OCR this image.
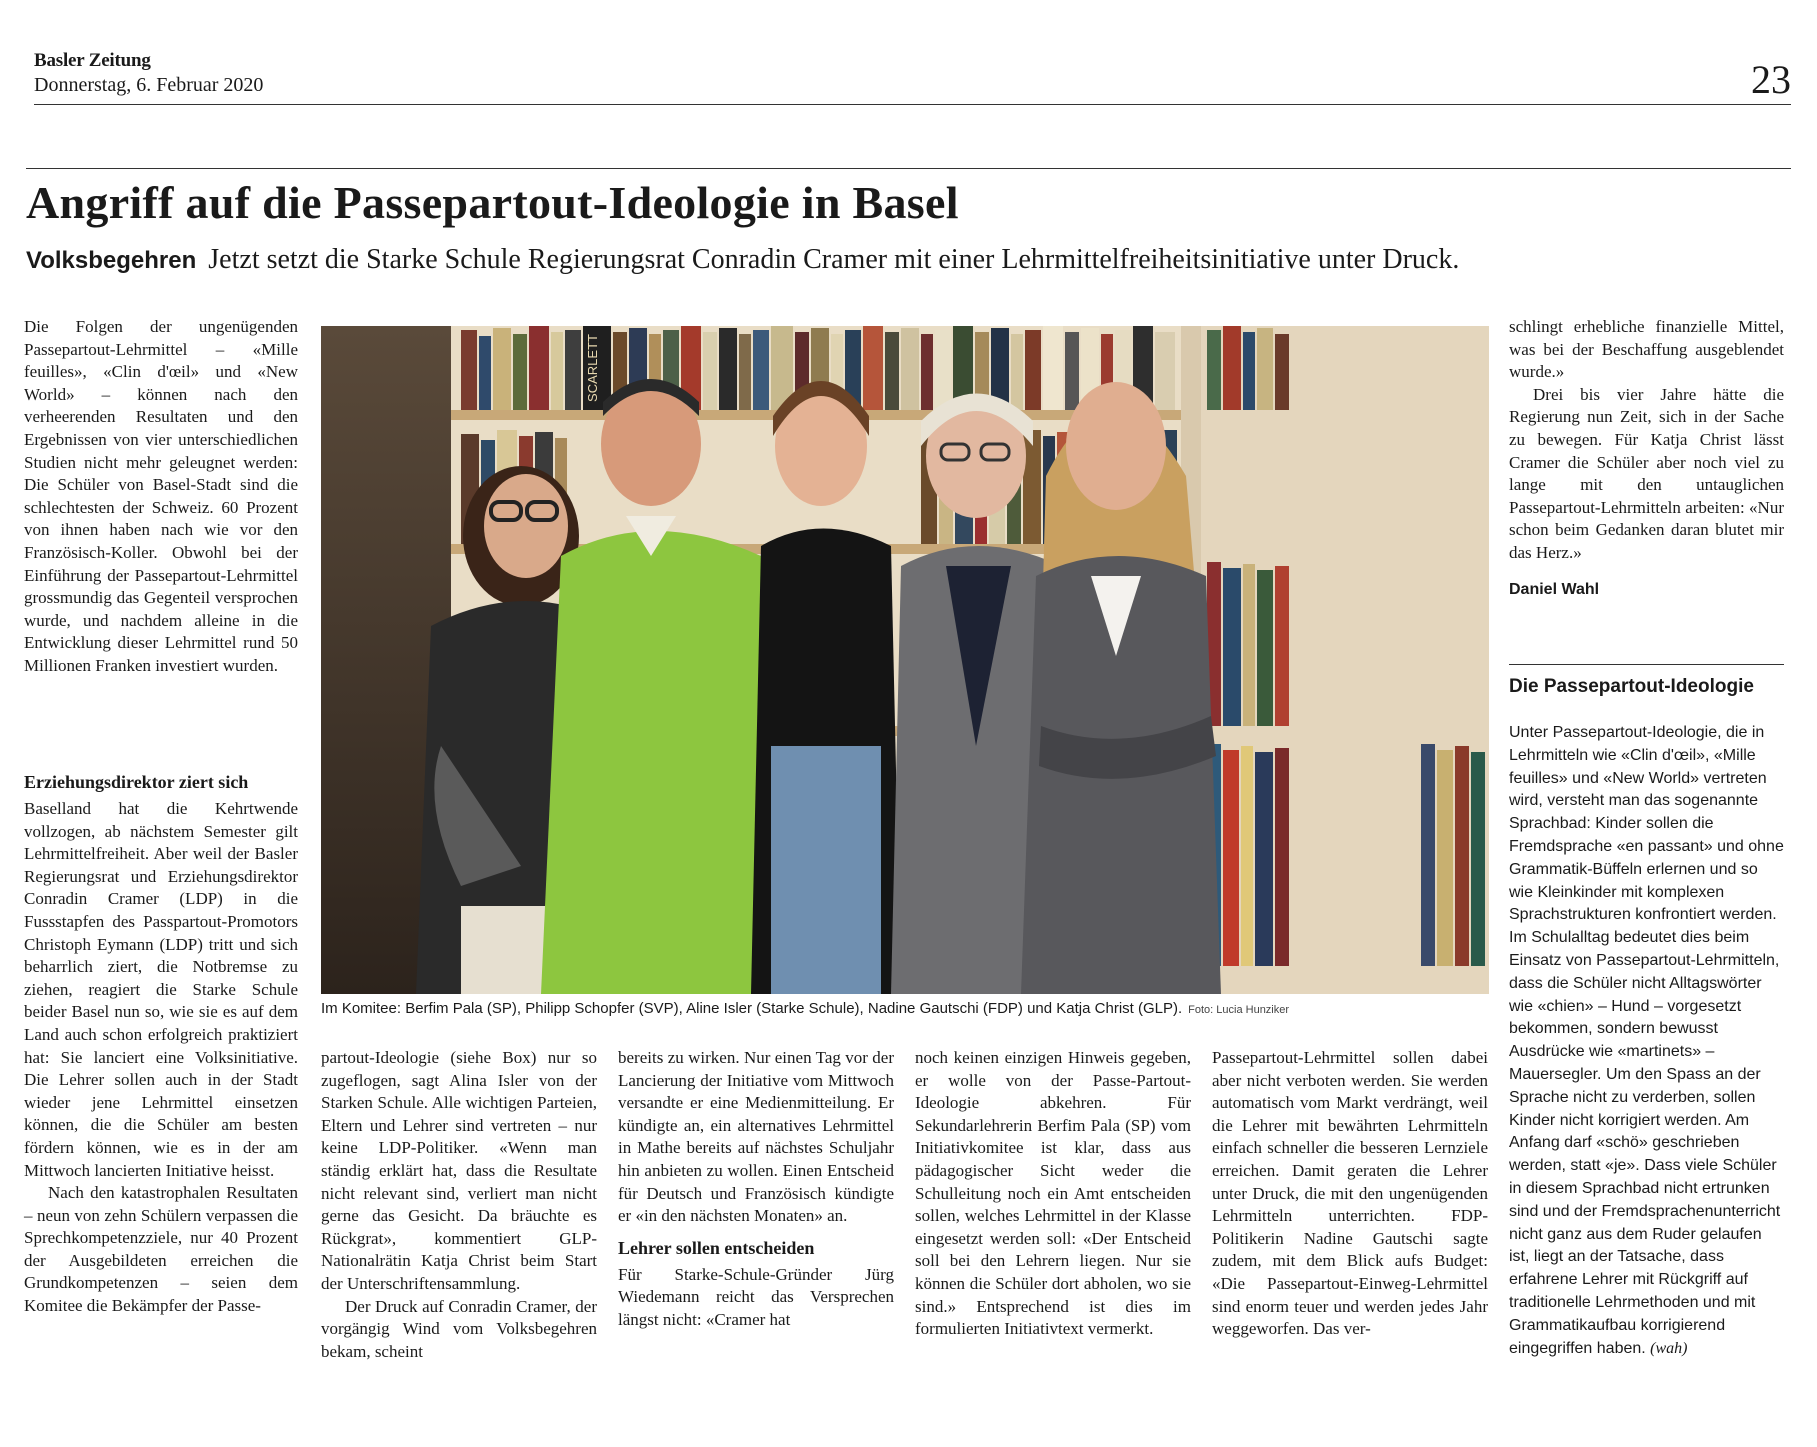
Basler Zeitung
Donnerstag, 6. Februar 2020	23
Angriff auf die Passepartout-Ideologie in Basel
Volksbegehren Jetzt setzt die Starke Schule Regierungsrat Conradin Cramer mit einer Lehrmittelfreiheitsinitiative unter Druck.

Die Folgen der ungenügenden Passepartout-Lehrmittel – «Mille feuilles», «Clin d'œil» und «New World» – können nach den verheerenden Resultaten und den Ergebnissen von vier unterschiedlichen Studien nicht mehr geleugnet werden: Die Schüler von Basel-Stadt sind die schlechtesten der Schweiz. 60 Prozent von ihnen haben nach wie vor den Französisch-Koller. Obwohl bei der Einführung der Passepartout-Lehrmittel grossmundig das Gegenteil versprochen wurde, und nachdem alleine in die Entwicklung dieser Lehrmittel rund 50 Millionen Franken investiert wurden.

Erziehungsdirektor ziert sich

Baselland hat die Kehrtwende vollzogen, ab nächstem Semester gilt Lehrmittelfreiheit. Aber weil der Basler Regierungsrat und Erziehungsdirektor Conradin Cramer (LDP) in die Fussstapfen des Passpartout-Promotors Christoph Eymann (LDP) tritt und sich beharrlich ziert, die Notbremse zu ziehen, reagiert die Starke Schule beider Basel nun so, wie sie es auf dem Land auch schon erfolgreich praktiziert hat: Sie lanciert eine Volksinitiative. Die Lehrer sollen auch in der Stadt wieder jene Lehrmittel einsetzen können, die die Schüler am besten fördern können, wie es in der am Mittwoch lancierten Initiative heisst.

Nach den katastrophalen Resultaten – neun von zehn Schülern verpassen die Sprechkompetenzziele, nur 40 Prozent der Ausgebildeten erreichen die Grundkompetenzen – seien dem Komitee die Bekämpfer der Passe-

SCARLETT
Im Komitee: Berfim Pala (SP), Philipp Schopfer (SVP), Aline Isler (Starke Schule), Nadine Gautschi (FDP) und Katja Christ (GLP). Foto: Lucia Hunziker

partout-Ideologie (siehe Box) nur so zugeflogen, sagt Alina Isler von der Starken Schule. Alle wichtigen Parteien, Eltern und Lehrer sind vertreten – nur keine LDP-Politiker. «Wenn man ständig erklärt hat, dass die Resultate nicht relevant sind, verliert man nicht gerne das Gesicht. Da bräuchte es Rückgrat», kommentiert GLP-Nationalrätin Katja Christ beim Start der Unterschriftensammlung.

Der Druck auf Conradin Cramer, der vorgängig Wind vom Volksbegehren bekam, scheint

bereits zu wirken. Nur einen Tag vor der Lancierung der Initiative vom Mittwoch versandte er eine Medienmitteilung. Er kündigte an, ein alternatives Lehrmittel in Mathe bereits auf nächstes Schuljahr hin anbieten zu wollen. Einen Entscheid für Deutsch und Französisch kündigte er «in den nächsten Monaten» an.

Lehrer sollen entscheiden

Für Starke-Schule-Gründer Jürg Wiedemann reicht das Versprechen längst nicht: «Cramer hat

noch keinen einzigen Hinweis gegeben, er wolle von der Passe-Partout-Ideologie abkehren. Für Sekundarlehrerin Berfim Pala (SP) vom Initiativkomitee ist klar, dass aus pädagogischer Sicht weder die Schulleitung noch ein Amt entscheiden sollen, welches Lehrmittel in der Klasse eingesetzt werden soll: «Der Entscheid soll bei den Lehrern liegen. Nur sie können die Schüler dort abholen, wo sie sind.» Entsprechend ist dies im formulierten Initiativtext vermerkt.

Passepartout-Lehrmittel sollen dabei aber nicht verboten werden. Sie werden automatisch vom Markt verdrängt, weil die Lehrer mit bewährten Lehrmitteln einfach schneller die besseren Lernziele erreichen. Damit geraten die Lehrer unter Druck, die mit den ungenügenden Lehrmitteln unterrichten. FDP-Politikerin Nadine Gautschi sagte zudem, mit dem Blick aufs Budget: «Die Passepartout-Einweg-Lehrmittel sind enorm teuer und werden jedes Jahr weggeworfen. Das ver-

schlingt erhebliche finanzielle Mittel, was bei der Beschaffung ausgeblendet wurde.»

Drei bis vier Jahre hätte die Regierung nun Zeit, sich in der Sache zu bewegen. Für Katja Christ lässt Cramer die Schüler aber noch viel zu lange mit den untauglichen Passepartout-Lehrmitteln arbeiten: «Nur schon beim Gedanken daran blutet mir das Herz.»

Daniel Wahl

Die Passepartout-Ideologie
Unter Passepartout-Ideologie, die in Lehrmitteln wie «Clin d'œil», «Mille feuilles» und «New World» vertreten wird, versteht man das sogenannte Sprachbad: Kinder sollen die Fremdsprache «en passant» und ohne Grammatik-Büffeln erlernen und so wie Kleinkinder mit komplexen Sprachstrukturen konfrontiert werden. Im Schulalltag bedeutet dies beim Einsatz von Passepartout-Lehrmitteln, dass die Schüler nicht Alltagswörter wie «chien» – Hund – vorgesetzt bekommen, sondern bewusst Ausdrücke wie «martinets» – Mauersegler. Um den Spass an der Sprache nicht zu verderben, sollen Kinder nicht korrigiert werden. Am Anfang darf «schö» geschrieben werden, statt «je». Dass viele Schüler in diesem Sprachbad nicht ertrunken sind und der Fremdsprachenunterricht nicht ganz aus dem Ruder gelaufen ist, liegt an der Tatsache, dass erfahrene Lehrer mit Rückgriff auf traditionelle Lehrmethoden und mit Grammatikaufbau korrigierend eingegriffen haben. (wah)
